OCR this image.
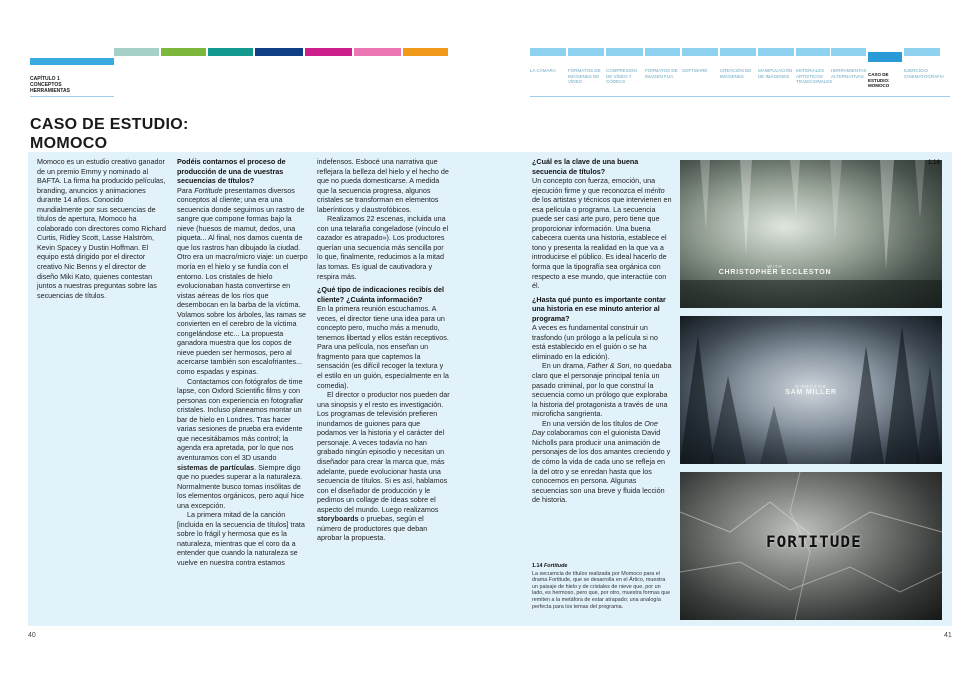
CAPÍTULO 1
CONCEPTOS
HERRAMIENTAS
LA CÁMARA	FORMATOS DE IMÁGENES DE VÍDEO
COMPRESIÓN DE VÍDEO Y CÓDECS
FORMATOS DE IMAGEN FIJA
SOFTWARE	CREACIÓN DE IMÁGENES
MANIPULACIÓN DE IMÁGENES
MATERIALES ARTÍSTICOS TRADICIONALES
HERRAMIENTAS ALTERNATIVAS CASO DE ESTUDIO: MOMOCO
EJERCICIO CINEMATOGRAFÍA
CASO DE ESTUDIO:
MOMOCO

Momoco es un estudio creativo ganador de un premio Emmy y nominado al BAFTA. La firma ha producido películas, branding, anuncios y animaciones durante 14 años. Conocido mundialmente por sus secuencias de títulos de apertura, Momoco ha colaborado con directores como Richard Curtis, Ridley Scott, Lasse Halström, Kevin Spacey y Dustin Hoffman. El equipo está dirigido por el director creativo Nic Benns y el director de diseño Miki Kato, quienes contestan juntos a nuestras preguntas sobre las secuencias de títulos.

Podéis contarnos el proceso de producción de una de vuestras secuencias de títulos?

Para Fortitude presentamos diversos conceptos al cliente; una era una secuencia donde seguimos un rastro de sangre que compone formas bajo la nieve (huesos de mamut, dedos, una piqueta... Al final, nos damos cuenta de que los rastros han dibujado la ciudad. Otro era un macro/micro viaje: un cuerpo moría en el hielo y se fundía con el entorno. Los cristales de hielo evolucionaban hasta convertirse en vistas aéreas de los ríos que desembocan en la barba de la víctima. Volamos sobre los árboles, las ramas se convierten en el cerebro de la víctima congelándose etc... La propuesta ganadora muestra que los copos de nieve pueden ser hermosos, pero al acercarse también son escalofriantes... como espadas y espinas.

Contactamos con fotógrafos de time lapse, con Oxford Scientific films y con personas con experiencia en fotografiar cristales. Incluso planeamos montar un bar de hielo en Londres. Tras hacer varias sesiones de prueba era evidente que necesitábamos más control; la agenda era apretada, por lo que nos aventuramos con el 3D usando sistemas de partículas. Siempre digo que no puedes superar a la naturaleza. Normalmente busco tomas insólitas de los elementos orgánicos, pero aquí hice una excepción.

La primera mitad de la canción [incluida en la secuencia de títulos] trata sobre lo frágil y hermosa que es la naturaleza, mientras que el coro da a entender que cuando la naturaleza se vuelve en nuestra contra estamos

indefensos. Esbocé una narrativa que reflejara la belleza del hielo y el hecho de que no pueda domesticarse. A medida que la secuencia progresa, algunos cristales se transforman en elementos laberínticos y claustrofóbicos.

Realizamos 22 escenas, incluida una con una telaraña congeladose (vínculo el cazador es atrapado»). Los productores querían una secuencia más sencilla por lo que, finalmente, reducimos a la mitad las tomas. Es igual de cautivadora y respira más.

¿Qué tipo de indicaciones recibís del cliente? ¿Cuánta información?

En la primera reunión escuchamos. A veces, el director tiene una idea para un concepto pero, mucho más a menudo, tenemos libertad y ellos están receptivos. Para una película, nos enseñan un fragmento para que captemos la sensación (es difícil recoger la textura y el estilo en un guión, especialmente en la comedia).

El director o productor nos pueden dar una sinopsis y el resto es investigación. Los programas de televisión prefieren inundarnos de guiones para que podamos ver la historia y el carácter del personaje. A veces todavía no han grabado ningún episodio y necesitan un diseñador para crear la marca que, más adelante, puede evolucionar hasta una secuencia de títulos. Si es así, hablamos con el diseñador de producción y le pedimos un collage de ideas sobre el aspecto del mundo. Luego realizamos storyboards o pruebas, según el número de productores que deban aprobar la propuesta.

¿Cuál es la clave de una buena secuencia de títulos?

Un concepto con fuerza, emoción, una ejecución firme y que reconozca el mérito de los artistas y técnicos que intervienen en esa película o programa. La secuencia puede ser casi arte puro, pero tiene que proporcionar información. Una buena cabecera cuenta una historia, establece el tono y presenta la realidad en la que va a introducirse el público. Es ideal hacerlo de forma que la tipografía sea orgánica con respecto a ese mundo, que interactúe con él.

¿Hasta qué punto es importante contar una historia en ese minuto anterior al programa?

A veces es fundamental construir un trasfondo (un prólogo a la película si no está establecido en el guión o se ha eliminado en la edición).

En un drama, Father & Son, no quedaba claro que el personaje principal tenía un pasado criminal, por lo que construí la secuencia como un prólogo que exploraba la historia del protagonista a través de una microficha sangrienta.

En una versión de los títulos de One Day colaboramos con el guionista David Nicholls para producir una animación de personajes de los dos amantes creciendo y de cómo la vida de cada uno se refleja en la del otro y se enredan hasta que los conocemos en persona. Algunas secuencias son una breve y fluida lección de historia.

WITH
CHRISTOPHER ECCLESTON
1.14
DIRECTOR
SAM MILLER
FORTITUDE
1.14 Fortitude
La secuencia de títulos realizada por Momoco para el drama Fortitude, que se desarrolla en el Ártico, muestra un paisaje de hielo y de cristales de nieve que, por un lado, es hermoso, pero que, por otro, muestra formas que remiten a la metáfora de estar atrapado; una analogía perfecta para los temas del programa.
40	41
